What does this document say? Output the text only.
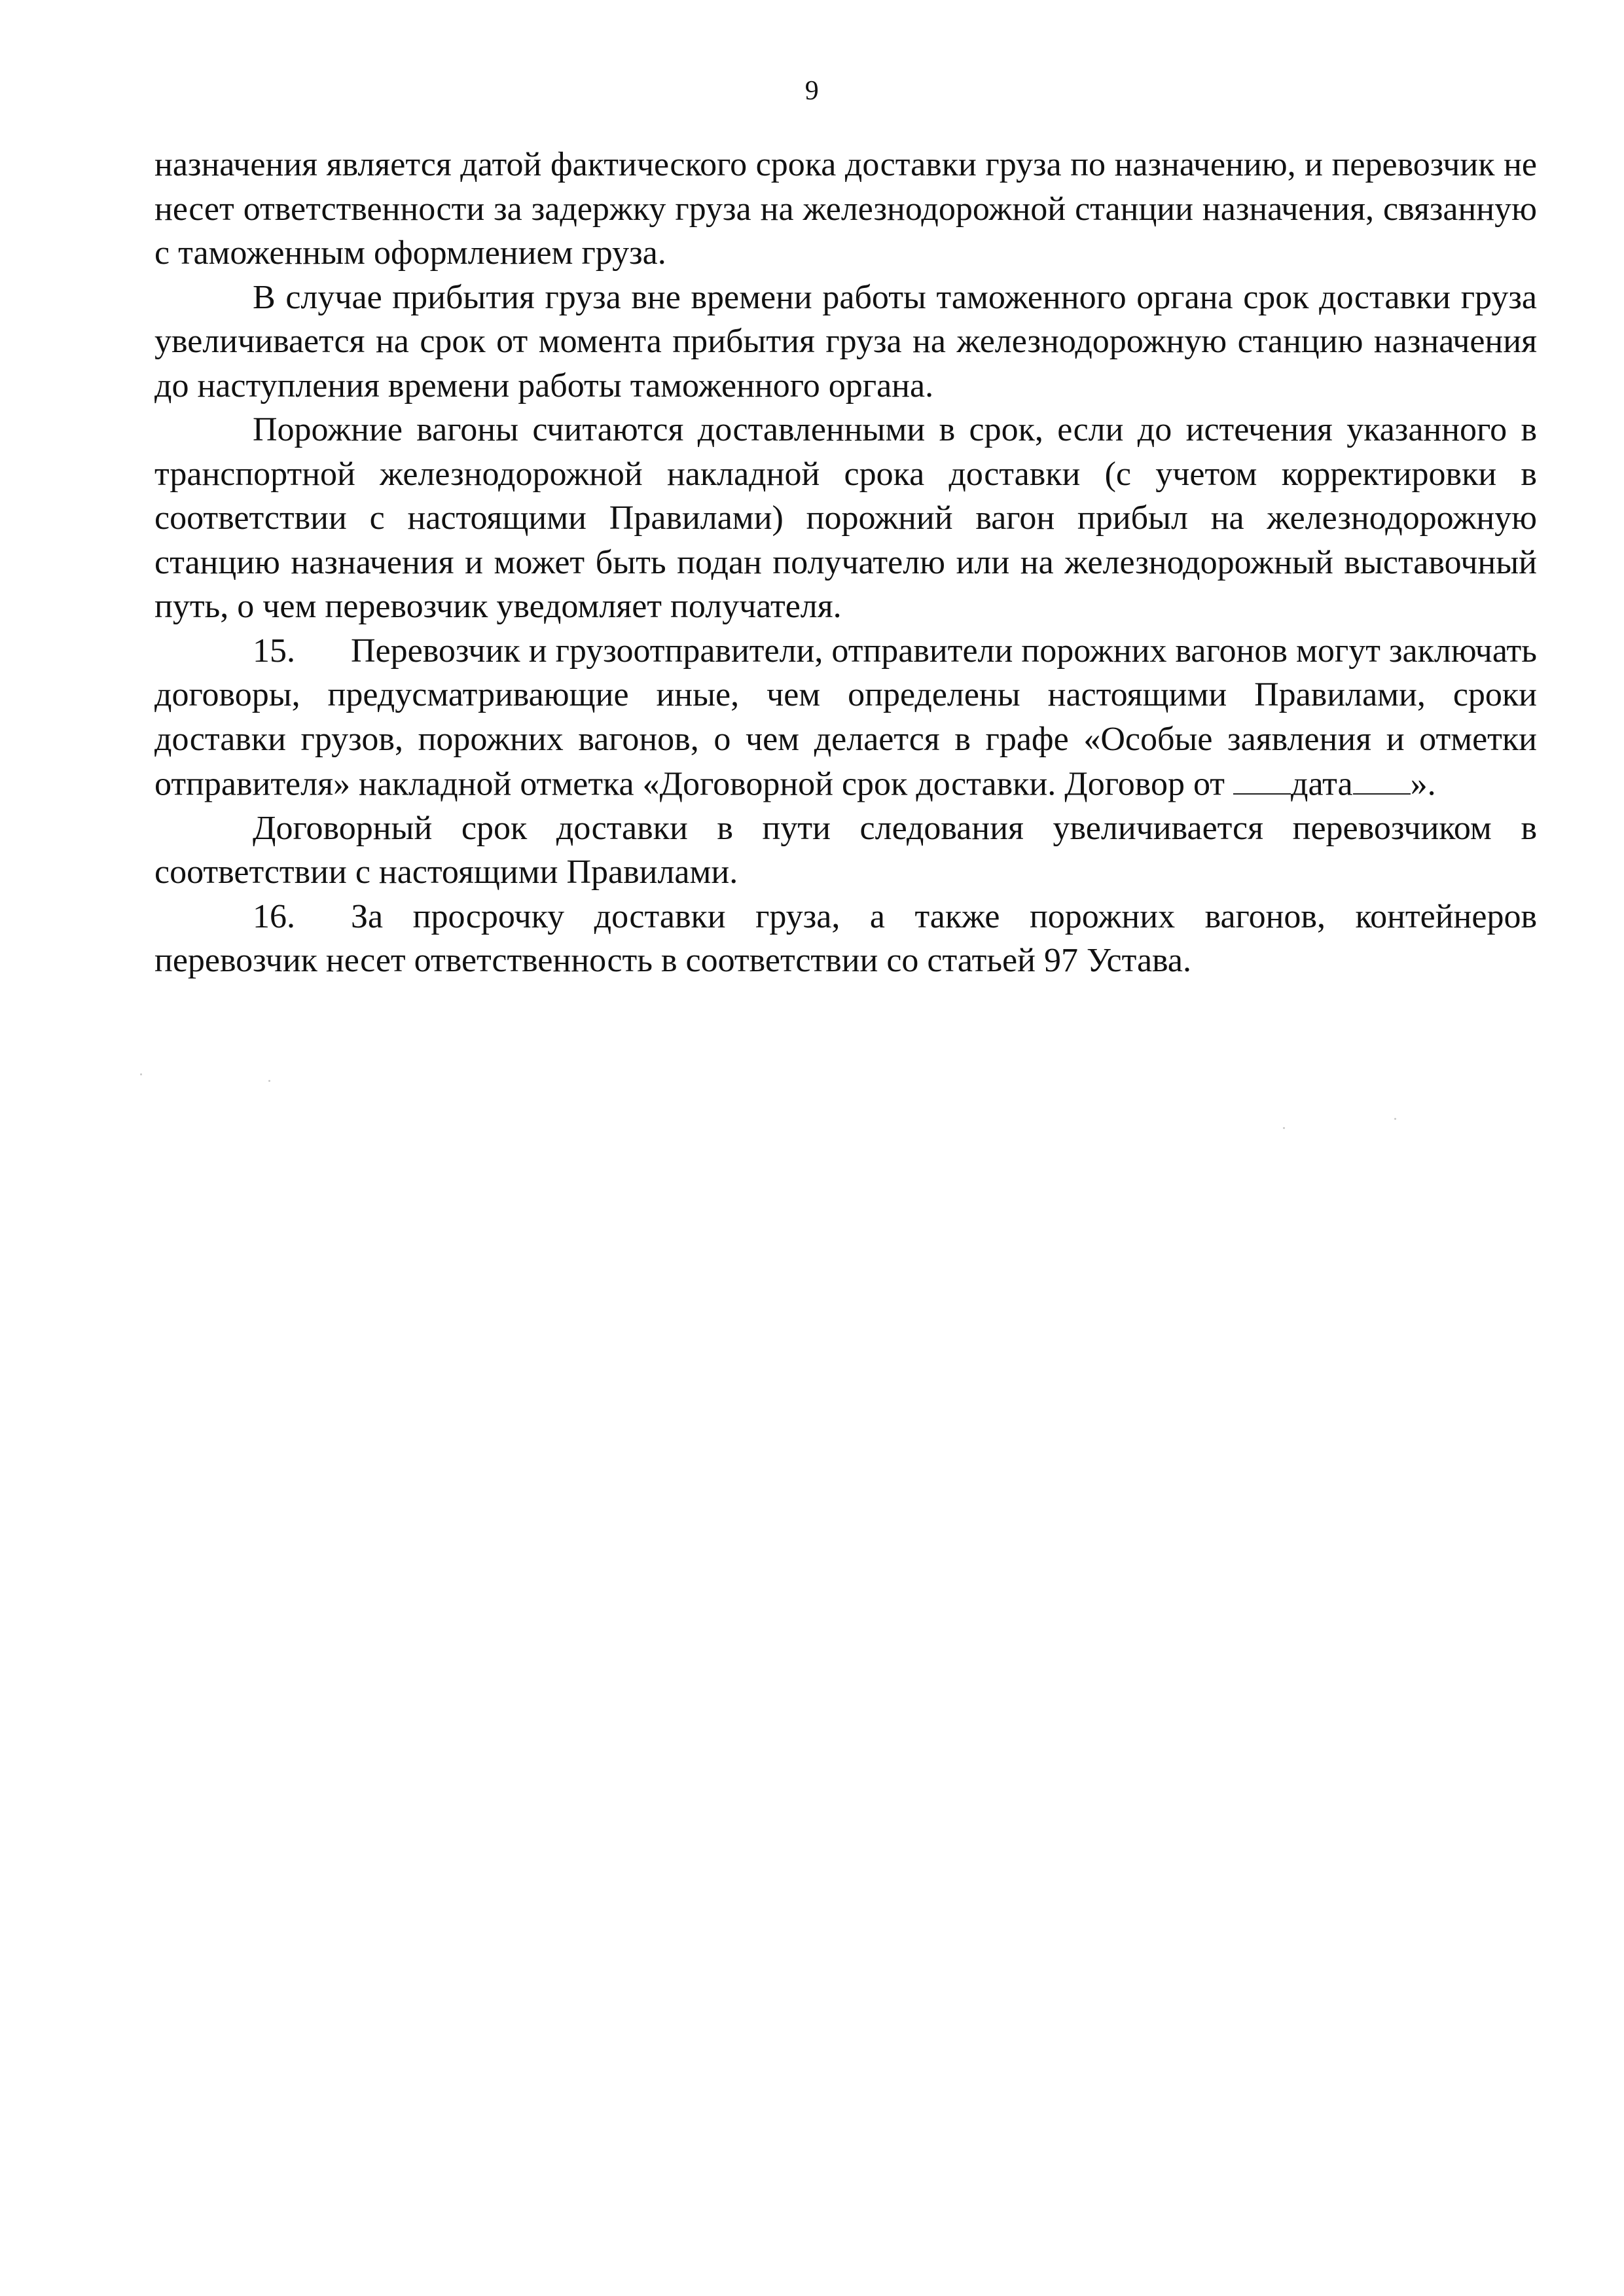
9

назначения является датой фактического срока доставки груза по назначению, и перевозчик не несет ответственности за задержку груза на железнодорожной станции назначения, связанную с таможенным оформлением груза.

В случае прибытия груза вне времени работы таможенного органа срок доставки груза увеличивается на срок от момента прибытия груза на железнодорожную станцию назначения до наступления времени работы таможенного органа.

Порожние вагоны считаются доставленными в срок, если до истечения указанного в транспортной железнодорожной накладной срока доставки (с учетом корректировки в соответствии с настоящими Правилами) порожний вагон прибыл на железнодорожную станцию назначения и может быть подан получателю или на железнодорожный выставочный путь, о чем перевозчик уведомляет получателя.

15. Перевозчик и грузоотправители, отправители порожних вагонов могут заключать договоры, предусматривающие иные, чем определены настоящими Правилами, сроки доставки грузов, порожних вагонов, о чем делается в графе «Особые заявления и отметки отправителя» накладной отметка «Договорной срок доставки. Договор от дата ».

Договорный срок доставки в пути следования увеличивается перевозчиком в соответствии с настоящими Правилами.

16. За просрочку доставки груза, а также порожних вагонов, контейнеров перевозчик несет ответственность в соответствии со статьей 97 Устава.
